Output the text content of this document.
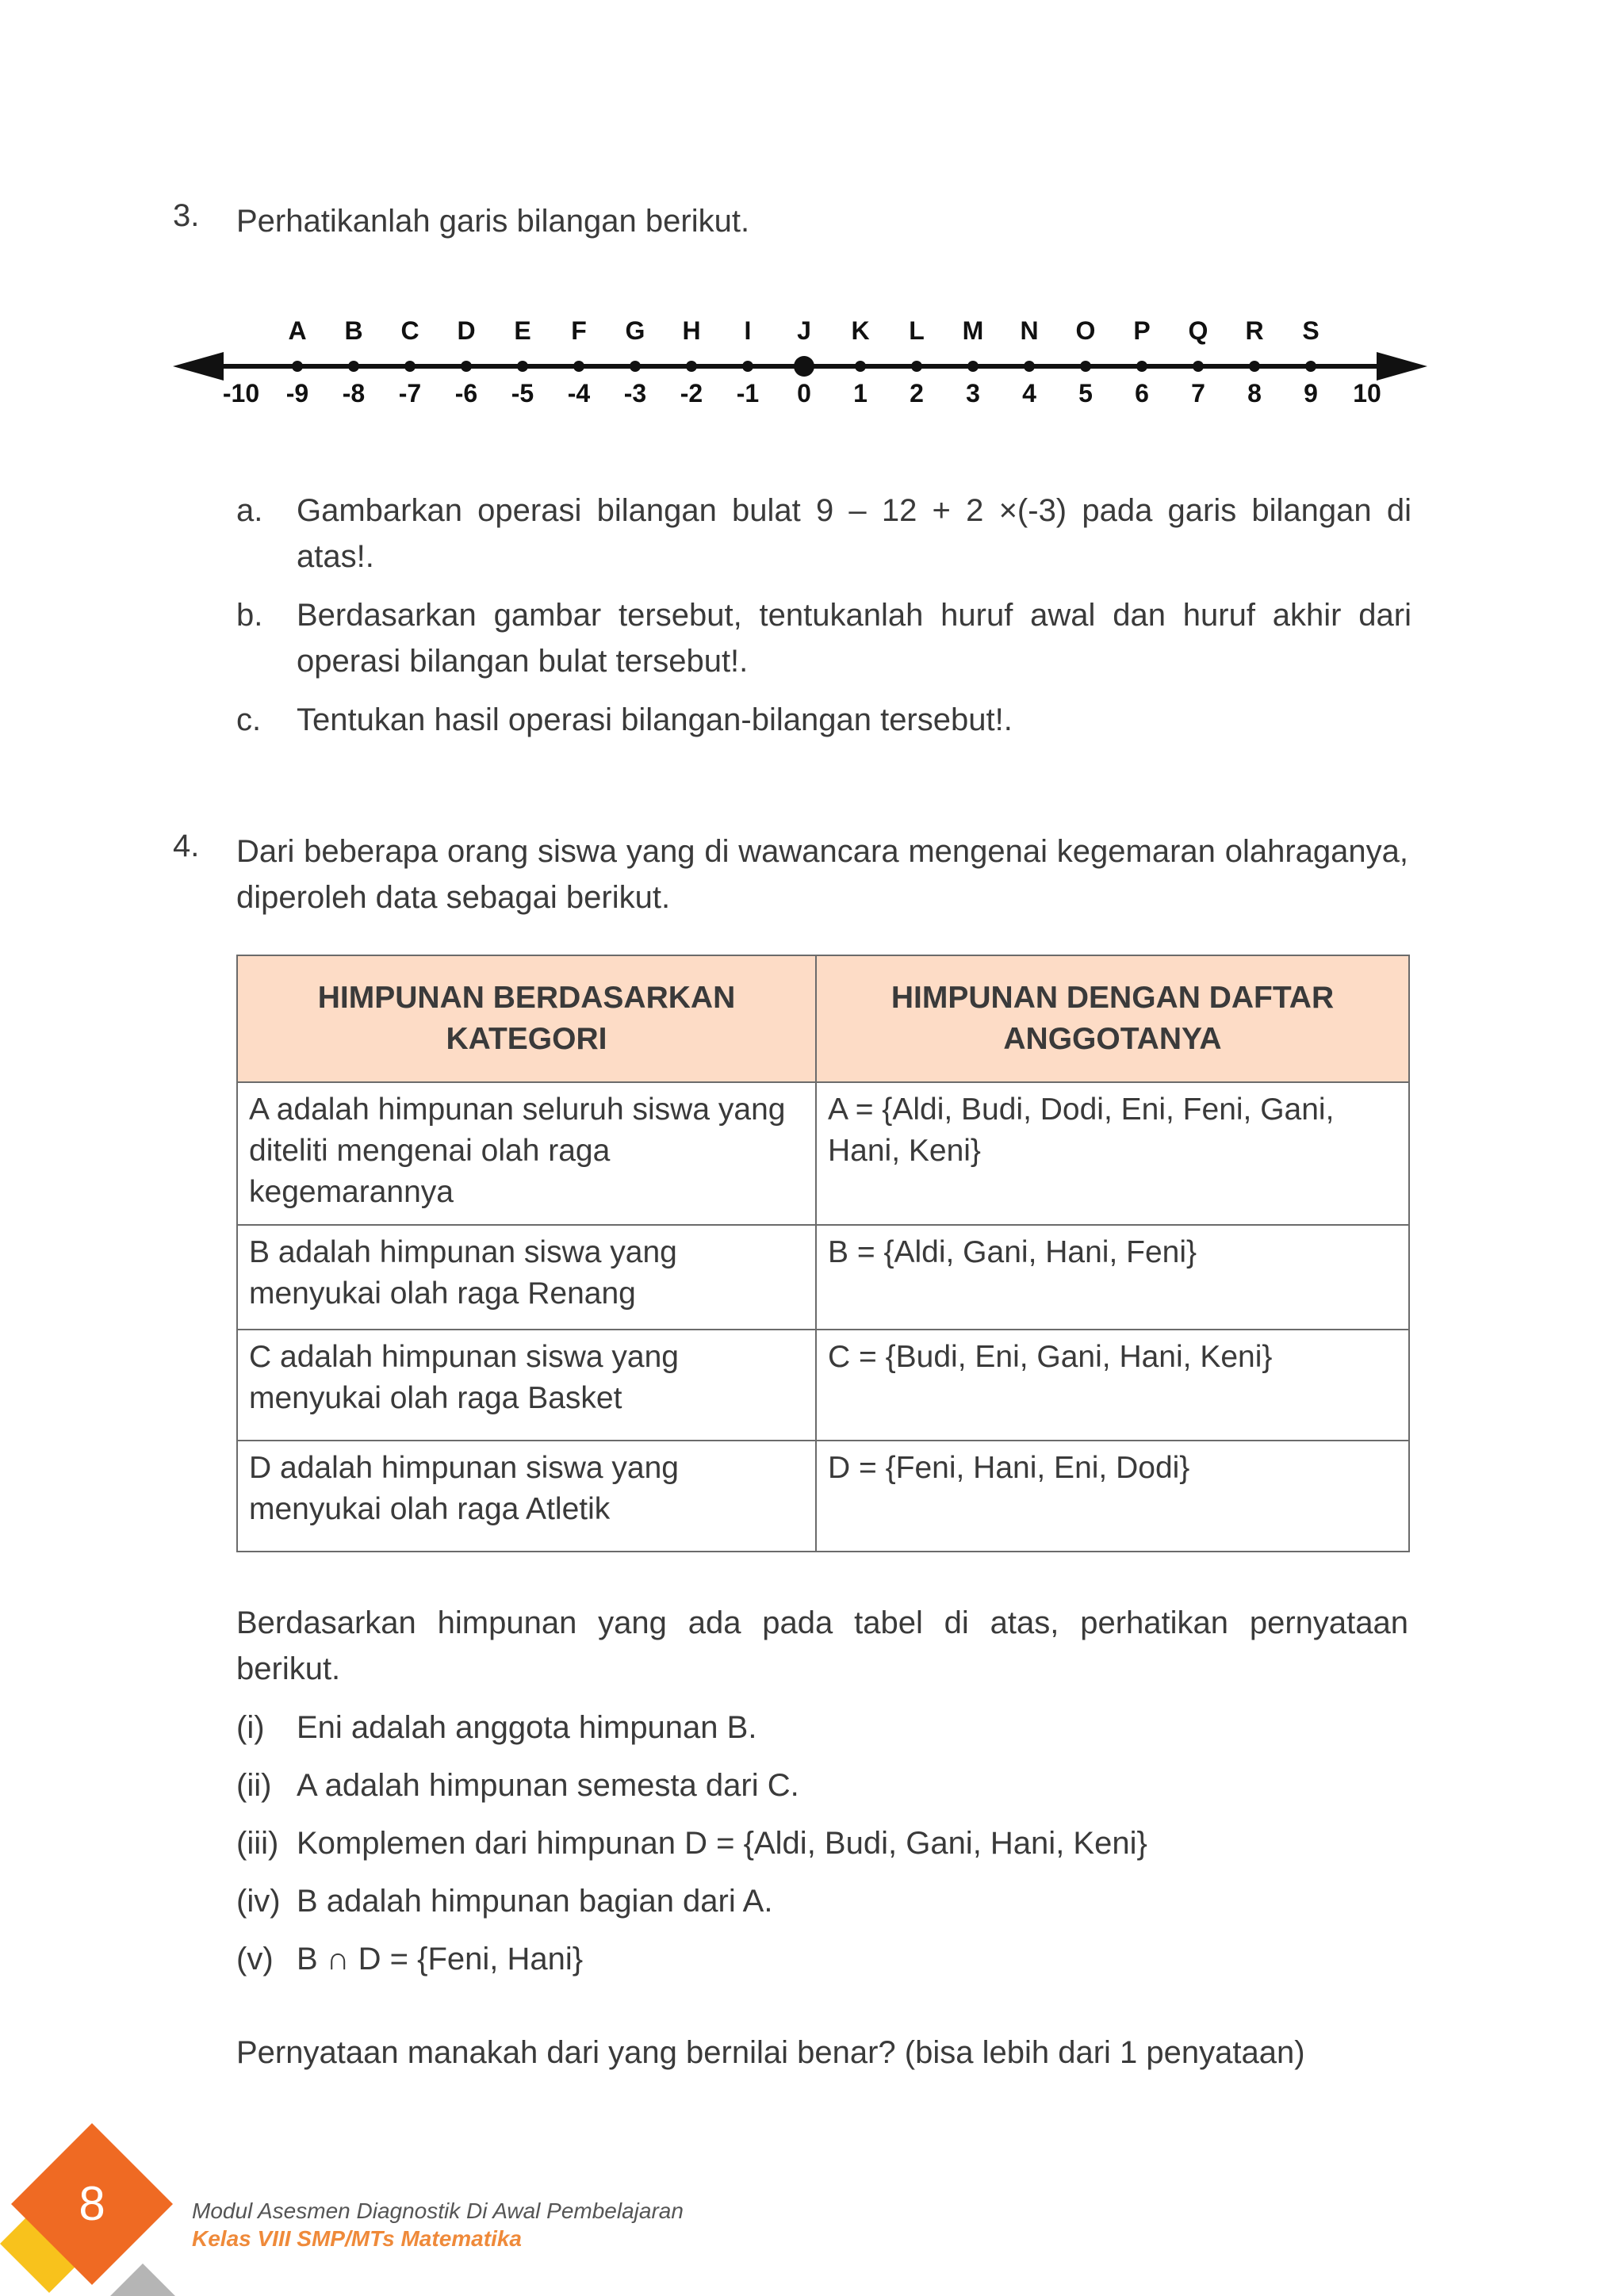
3. Perhatikanlah garis bilangan berikut.
A B C D E F G H I J K L M N O P Q R S
-10 -9 -8 -7 -6 -5 -4 -3 -2 -1 0 1 2 3 4 5 6 7 8 9 10
a.	Gambarkan operasi bilangan bulat 9 – 12 + 2 ×(-3) pada garis bilangan di atas!.
b.	Berdasarkan gambar tersebut, tentukanlah huruf awal dan huruf akhir dari operasi bilangan bulat tersebut!.
c.	Tentukan hasil operasi bilangan-bilangan tersebut!.
4. Dari beberapa orang siswa yang di wawancara mengenai kegemaran olahraganya, diperoleh data sebagai berikut.
HIMPUNAN BERDASARKAN KATEGORI	HIMPUNAN DENGAN DAFTAR ANGGOTANYA
A adalah himpunan seluruh siswa yang diteliti mengenai olah raga kegemarannya	A = {Aldi, Budi, Dodi, Eni, Feni, Gani, Hani, Keni}
B adalah himpunan siswa yang menyukai olah raga Renang	B = {Aldi, Gani, Hani, Feni}
C adalah himpunan siswa yang menyukai olah raga Basket	C = {Budi, Eni, Gani, Hani, Keni}
D adalah himpunan siswa yang menyukai olah raga Atletik	D = {Feni, Hani, Eni, Dodi}
Berdasarkan himpunan yang ada pada tabel di atas, perhatikan pernyataan berikut.
(i)	Eni adalah anggota himpunan B.
(ii) A adalah himpunan semesta dari C.
(iii) Komplemen dari himpunan D = {Aldi, Budi, Gani, Hani, Keni}
(iv) B adalah himpunan bagian dari A.
(v) B ∩ D = {Feni, Hani}
Pernyataan manakah dari yang bernilai benar? (bisa lebih dari 1 penyataan)
8	Modul Asesmen Diagnostik Di Awal Pembelajaran
Kelas VIII SMP/MTs Matematika
